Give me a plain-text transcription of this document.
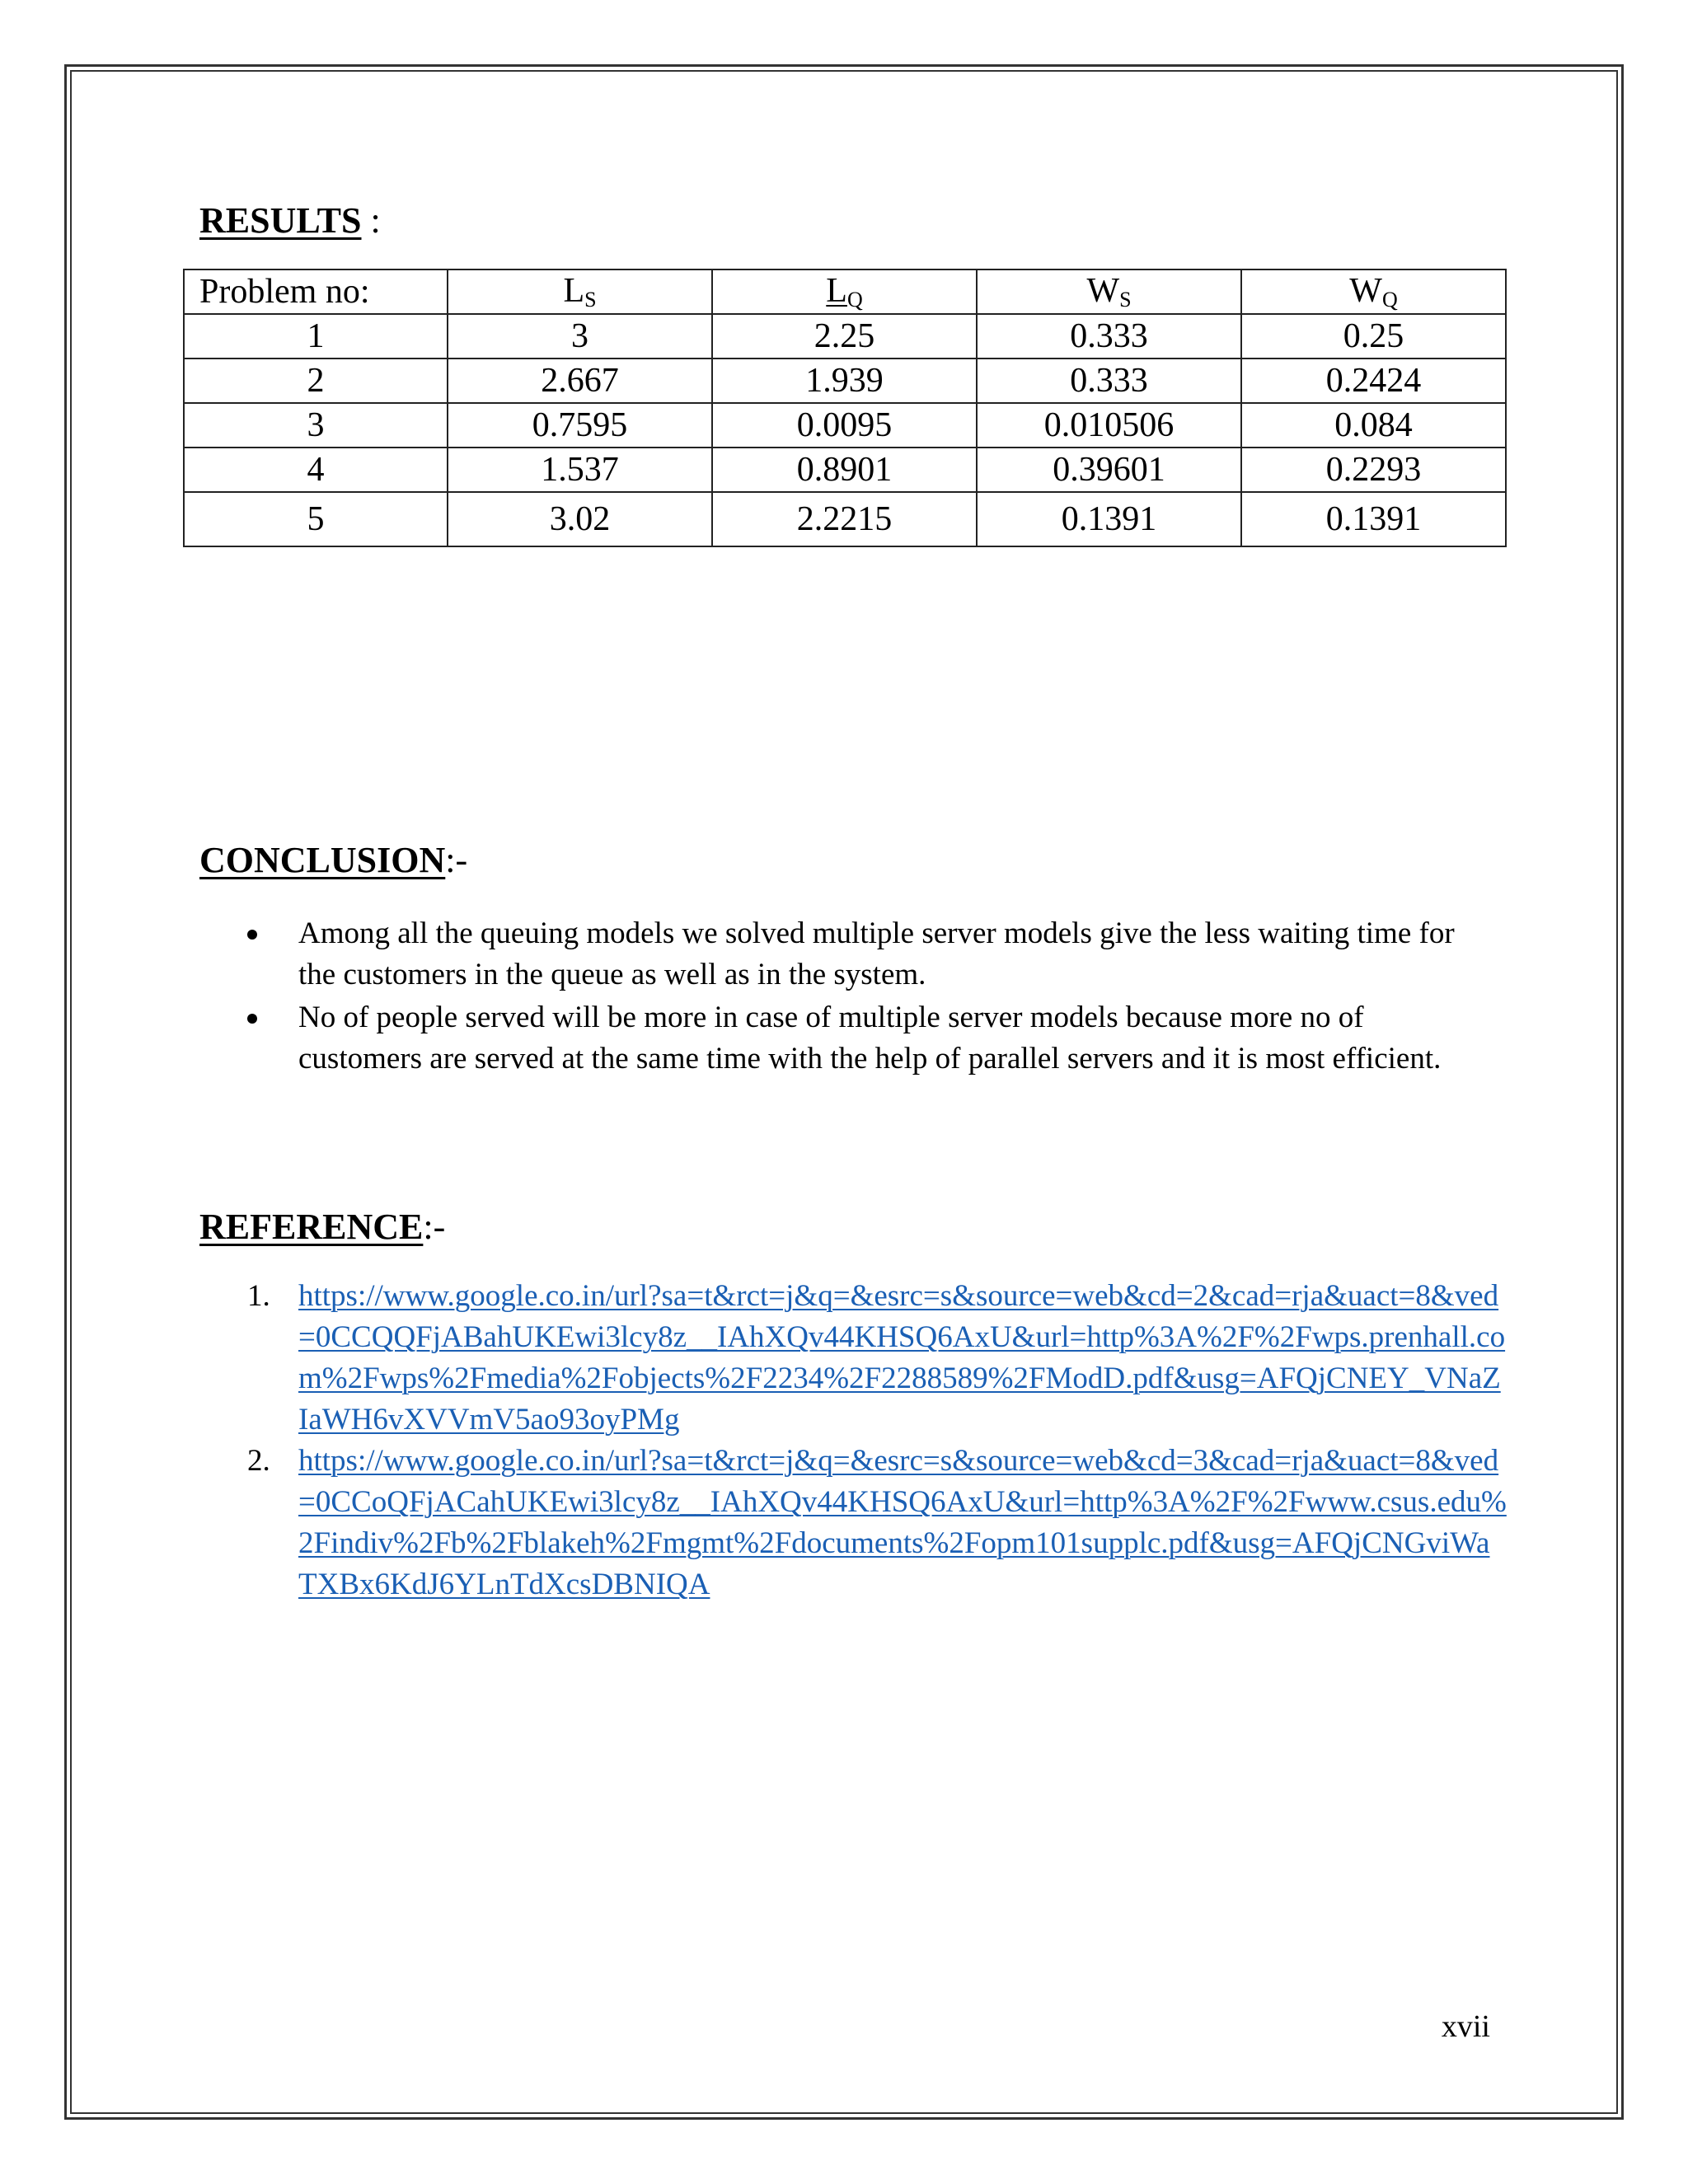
RESULTS :
Problem no:	$L_S$	$L_Q$	$W_S$	$W_Q$
1	3	2.25	0.333	0.25
2	2.667	1.939	0.333	0.2424
3	0.7595	0.0095	0.010506	0.084
4	1.537	0.8901	0.39601	0.2293
5	3.02	2.2215	0.1391	0.1391
CONCLUSION:-
Among all the queuing models we solved multiple server models give the less waiting time for the customers in the queue as well as in the system.
No of people served will be more in case of multiple server models because more no of customers are served at the same time with the help of parallel servers and it is most efficient.
REFERENCE:-
1. https://www.google.co.in/url?sa=t&rct=j&q=&esrc=s&source=web&cd=2&cad=rja&uact=8&ved=0CCQQFjABahUKEwi3lcy8z__IAhXQv44KHSQ6AxU&url=http%3A%2F%2Fwps.prenhall.com%2Fwps%2Fmedia%2Fobjects%2F2234%2F2288589%2FModD.pdf&usg=AFQjCNEY_VNaZIaWH6vXVVmV5ao93oyPMg
2. https://www.google.co.in/url?sa=t&rct=j&q=&esrc=s&source=web&cd=3&cad=rja&uact=8&ved=0CCoQFjACahUKEwi3lcy8z__IAhXQv44KHSQ6AxU&url=http%3A%2F%2Fwww.csus.edu%2Findiv%2Fb%2Fblakeh%2Fmgmt%2Fdocuments%2Fopm101supplc.pdf&usg=AFQjCNGviWaTXBx6KdJ6YLnTdXcsDBNIQA
xvii
